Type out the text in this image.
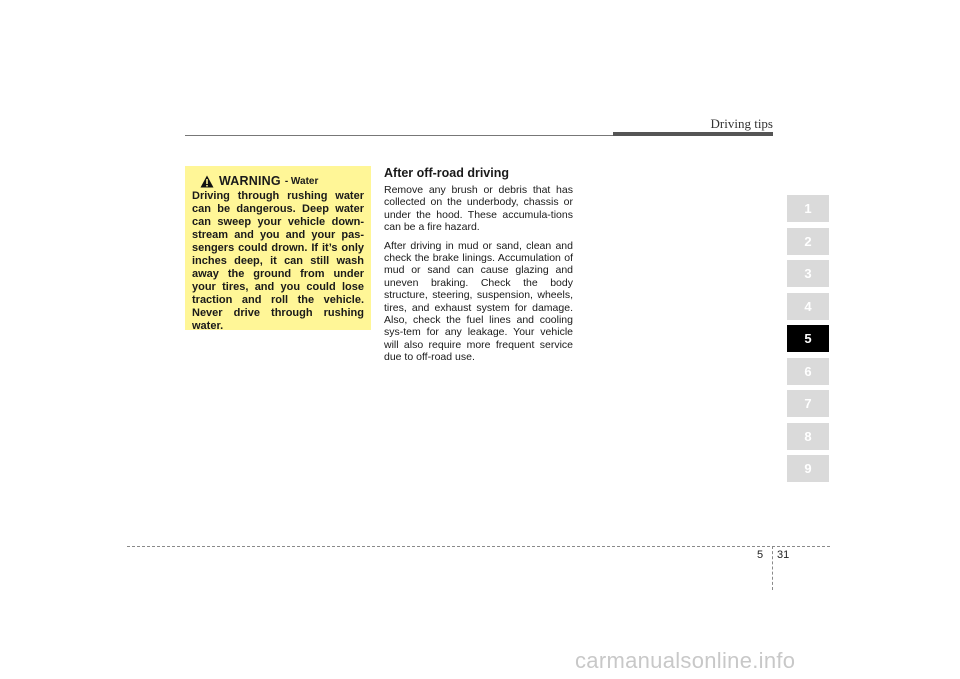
Driving tips
WARNING - Water

Driving through rushing water can be dangerous. Deep water can sweep your vehicle down-stream and you and your pas-sengers could drown. If it’s only inches deep, it can still wash away the ground from under your tires, and you could lose traction and roll the vehicle. Never drive through rushing water.

After off-road driving

Remove any brush or debris that has collected on the underbody, chassis or under the hood. These accumula-tions can be a fire hazard.

After driving in mud or sand, clean and check the brake linings. Accumulation of mud or sand can cause glazing and uneven braking. Check the body structure, steering, suspension, wheels, tires, and exhaust system for damage. Also, check the fuel lines and cooling sys-tem for any leakage. Your vehicle will also require more frequent service due to off-road use.

1
2
3
4
5
6
7
8
9
5 31
carmanualsonline.info
